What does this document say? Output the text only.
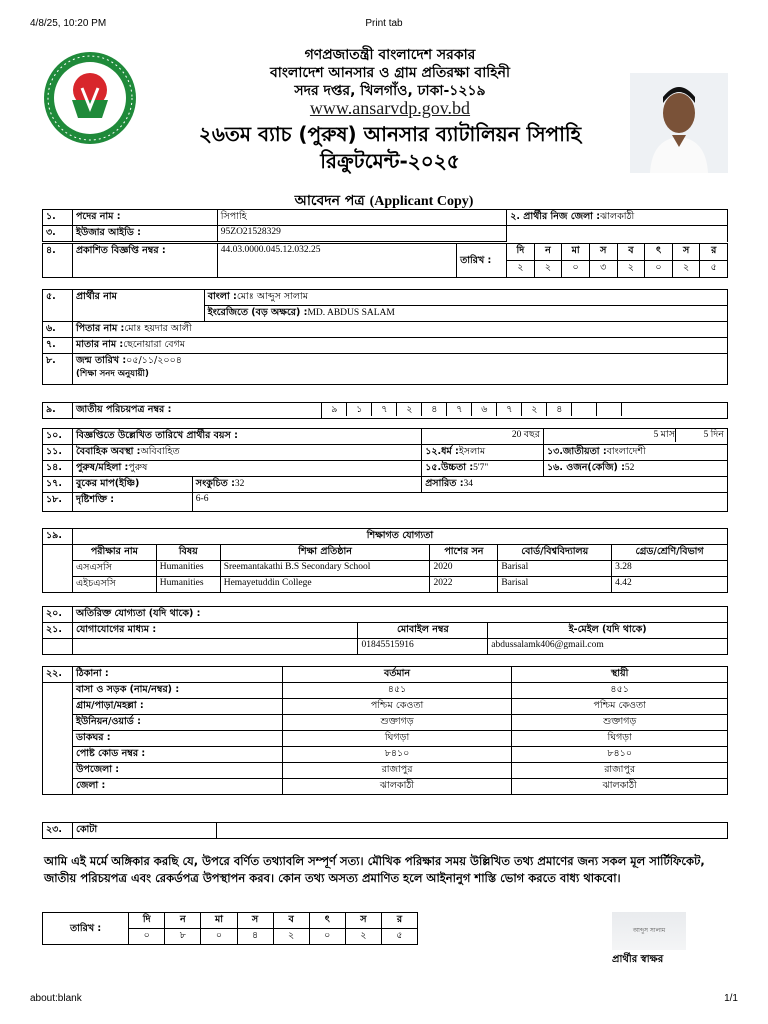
4/8/25, 10:20 PM	Print tab
গণপ্রজাতন্ত্রী বাংলাদেশ সরকার
বাংলাদেশ আনসার ও গ্রাম প্রতিরক্ষা বাহিনী
সদর দপ্তর, খিলগাঁও, ঢাকা-১২১৯
www.ansarvdp.gov.bd
২৬তম ব্যাচ (পুরুষ) আনসার ব্যাটালিয়ন সিপাহি
রিক্রুটমেন্ট-২০২৫
আবেদন পত্র (Applicant Copy)
১.	পদের নাম :	সিপাহি	২. প্রার্থীর নিজ জেলা :ঝালকাঠী
৩.	ইউজার আইডি :	95ZO21528329	
৪.	প্রকাশিত বিজ্ঞপ্তি নম্বর :	44.03.0000.045.12.032.25	তারিখ :	
দি	ন	মা	স	ব	ৎ	স	র
২	২	০	৩	২	০	২	৫
৫.	প্রার্থীর নাম	বাংলা :মোঃ আব্দুস সালাম
		ইংরেজিতে (বড় অক্ষরে) :MD. ABDUS SALAM
৬.	পিতার নাম :মোঃ হয়দার আলী	
৭.	মাতার নাম :ছেনোয়ারা বেগম	
৮.	জন্ম তারিখ :০৫/১১/২০০৪
(শিক্ষা সনদ অনুযায়ী)	
৯.	জাতীয় পরিচয়পত্র নম্বর :	৯	১	৭	২	৪	৭	৬	৭	২	৪
১০.	বিজ্ঞপ্তিতে উল্লেখিত তারিখে প্রার্থীর বয়স :		20 বছর	5 মাস 5 দিন
১১.	বৈবাহিক অবস্থা :অবিবাহিত		১২.ধর্ম :ইসলাম	১৩.জাতীয়তা :বাংলাদেশী
১৪.	পুরুষ/মহিলা :পুরুষ		১৫.উচ্চতা :5'7"	১৬. ওজন(কেজি) :52
১৭.	বুকের মাপ(ইঞ্চি)	সংকুচিত :32	প্রসারিত :34	
১৮.	দৃষ্টিশক্তি :	6-6		
১৯.	শিক্ষাগত যোগ্যতা					
	পরীক্ষার নাম	বিষয়	শিক্ষা প্রতিষ্ঠান	পাশের সন	বোর্ড/বিশ্ববিদ্যালয়	গ্রেড/শ্রেণি/বিভাগ
	এসএসসি	Humanities	Sreemantakathi B.S Secondary School	2020	Barisal	3.28
	এইচএসসি	Humanities	Hemayetuddin College	2022	Barisal	4.42
২০.	অতিরিক্ত যোগ্যতা (যদি থাকে) :		
২১.	যোগাযোগের মাধ্যম :	মোবাইল নম্বর	ই-মেইল (যদি থাকে)
		01845515916	abdussalamk406@gmail.com
২২.	ঠিকানা :	বর্তমান	স্থায়ী
	বাসা ও সড়ক (নাম/নম্বর) :	৪৫১	৪৫১
	গ্রাম/পাড়া/মহল্লা :	পশ্চিম কেওতা	পশ্চিম কেওতা
	ইউনিয়ন/ওয়ার্ড :	শুক্তাগড়	শুক্তাগড়
	ডাকঘর :	ঘিগড়া	ঘিগড়া
	পোষ্ট কোড নম্বর :	৮৪১০	৮৪১০
	উপজেলা :	রাজাপুর	রাজাপুর
	জেলা :	ঝালকাঠী	ঝালকাঠী
২৩.	কোটা	
আমি এই মর্মে অঙ্গিকার করছি যে, উপরে বর্ণিত তথ্যাবলি সম্পূর্ণ সত্য। মৌখিক পরিক্ষার সময় উল্লিখিত তথ্য প্রমাণের জন্য সকল মূল সার্টিফিকেট, জাতীয় পরিচয়পত্র এবং রেকর্ডপত্র উপস্থাপন করব। কোন তথ্য অসত্য প্রমাণিত হলে আইনানুগ শাস্তি ভোগ করতে বাধ্য থাকবো।
তারিখ :	দি	ন	মা	স	ব	ৎ	স	র
	০	৮	০	৪	২	০	২	৫	আব্দুস সালাম
প্রার্থীর স্বাক্ষর
about:blank	1/1
